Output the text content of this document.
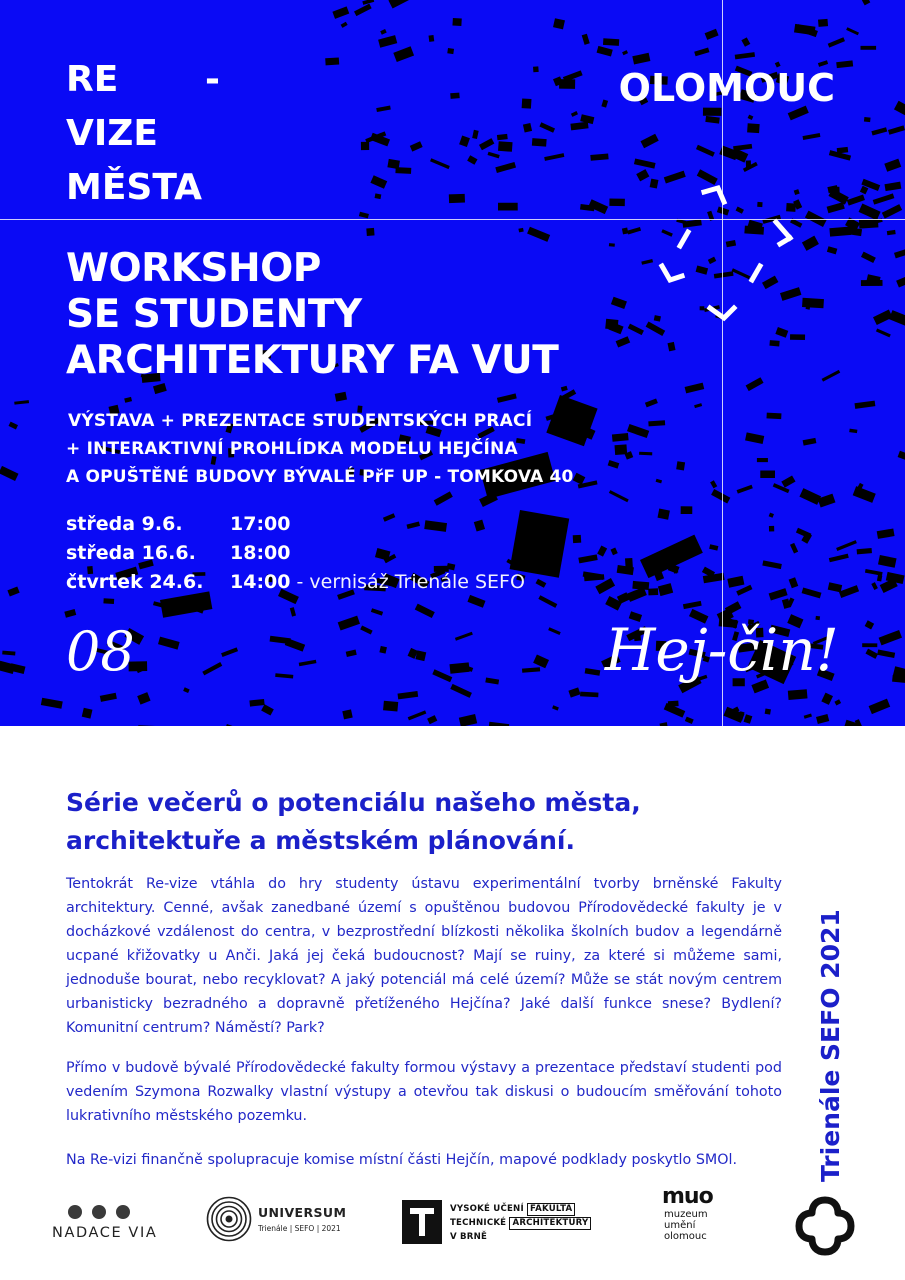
RE -
VIZE
MĚSTA
OLOMOUC
WORKSHOP
SE STUDENTY
ARCHITEKTURY FA VUT
VÝSTAVA + PREZENTACE STUDENTSKÝCH PRACÍ
+ INTERAKTIVNÍ PROHLÍDKA MODELU HEJČÍNA
A OPUŠTĚNÉ BUDOVY BÝVALÉ PřF UP - TOMKOVA 40
středa 9.6. 17:00
středa 16.6. 18:00
čtvrtek 24.6. 14:00 - vernisáž Trienále SEFO
08	Hej-čin!
Série večerů o potenciálu našeho města,
architektuře a městském plánování.

Tentokrát Re-vize vtáhla do hry studenty ústavu experimentální tvorby brněnské Fakulty architektury. Cenné, avšak zanedbané území s opuštěnou budovou Přírodovědecké fakulty je v docházkové vzdálenost do centra, v bezprostřední blízkosti několika školních budov a legendárně ucpané křižovatky u Anči. Jaká jej čeká budoucnost? Mají se ruiny, za které si můžeme sami, jednoduše bourat, nebo recyklovat? A jaký potenciál má celé území? Může se stát novým centrem urbanisticky bezradného a dopravně přetíženého Hejčína? Jaké další funkce snese? Bydlení? Komunitní centrum? Náměstí? Park?

Přímo v budově bývalé Přírodovědecké fakulty formou výstavy a prezentace představí studenti pod vedením Szymona Rozwalky vlastní výstupy a otevřou tak diskusi o budoucím směřování tohoto lukrativního městského pozemku.

Na Re-vizi finančně spolupracuje komise místní části Hejčín, mapové podklady poskytlo SMOl.	Trienále SEFO 2021
NADACE VIA
UNIVERSUM
Trienále | SEFO | 2021
VYSOKÉ UČENÍ FAKULTA
TECHNICKÉ ARCHITEKTURY
V BRNĚ
muo
muzeum
umění
olomouc
